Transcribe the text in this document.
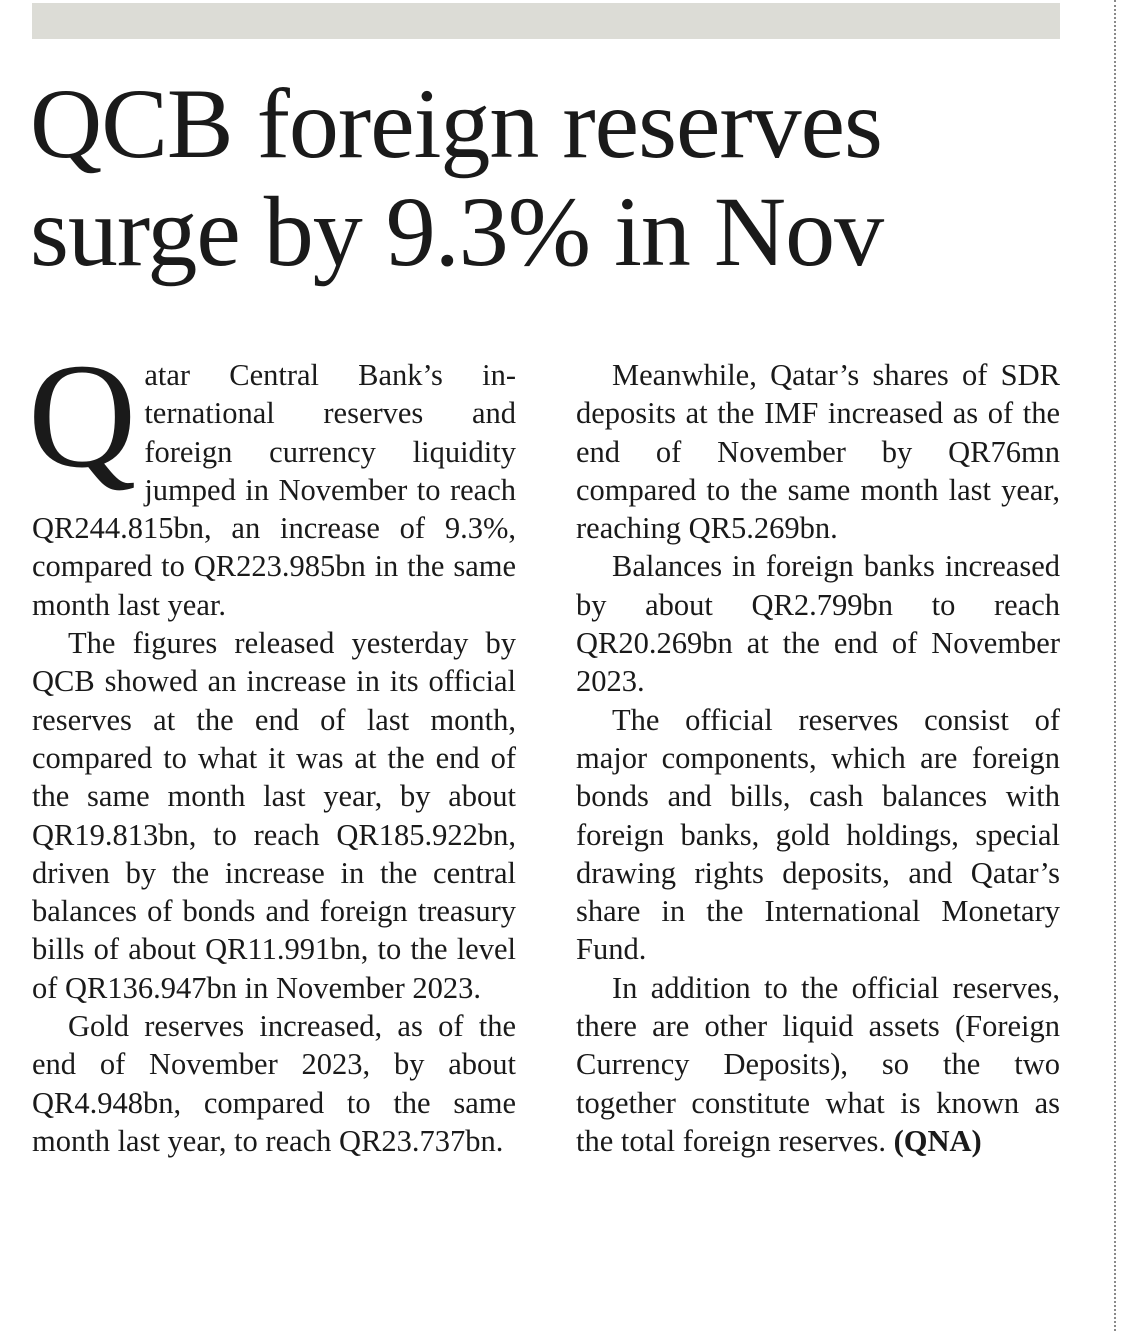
QCB foreign reserves
surge by 9.3% in Nov

Qatar Central Bank’s international reserves and foreign currency liquidity jumped in November to reach QR244.815bn, an increase of 9.3%, compared to QR223.985bn in the same month last year.

The figures released yesterday by QCB showed an increase in its official reserves at the end of last month, compared to what it was at the end of the same month last year, by about QR19.813bn, to reach QR185.922bn, driven by the increase in the central balances of bonds and foreign treasury bills of about QR11.991bn, to the level of QR136.947bn in November 2023.

Gold reserves increased, as of the end of November 2023, by about QR4.948bn, compared to the same month last year, to reach QR23.737bn.

Meanwhile, Qatar’s shares of SDR deposits at the IMF increased as of the end of November by QR76mn compared to the same month last year, reaching QR5.269bn.

Balances in foreign banks increased by about QR2.799bn to reach QR20.269bn at the end of November 2023.

The official reserves consist of major components, which are foreign bonds and bills, cash balances with foreign banks, gold holdings, special drawing rights deposits, and Qatar’s share in the International Monetary Fund.

In addition to the official reserves, there are other liquid assets (Foreign Currency Deposits), so the two together constitute what is known as the total foreign reserves. (QNA)
